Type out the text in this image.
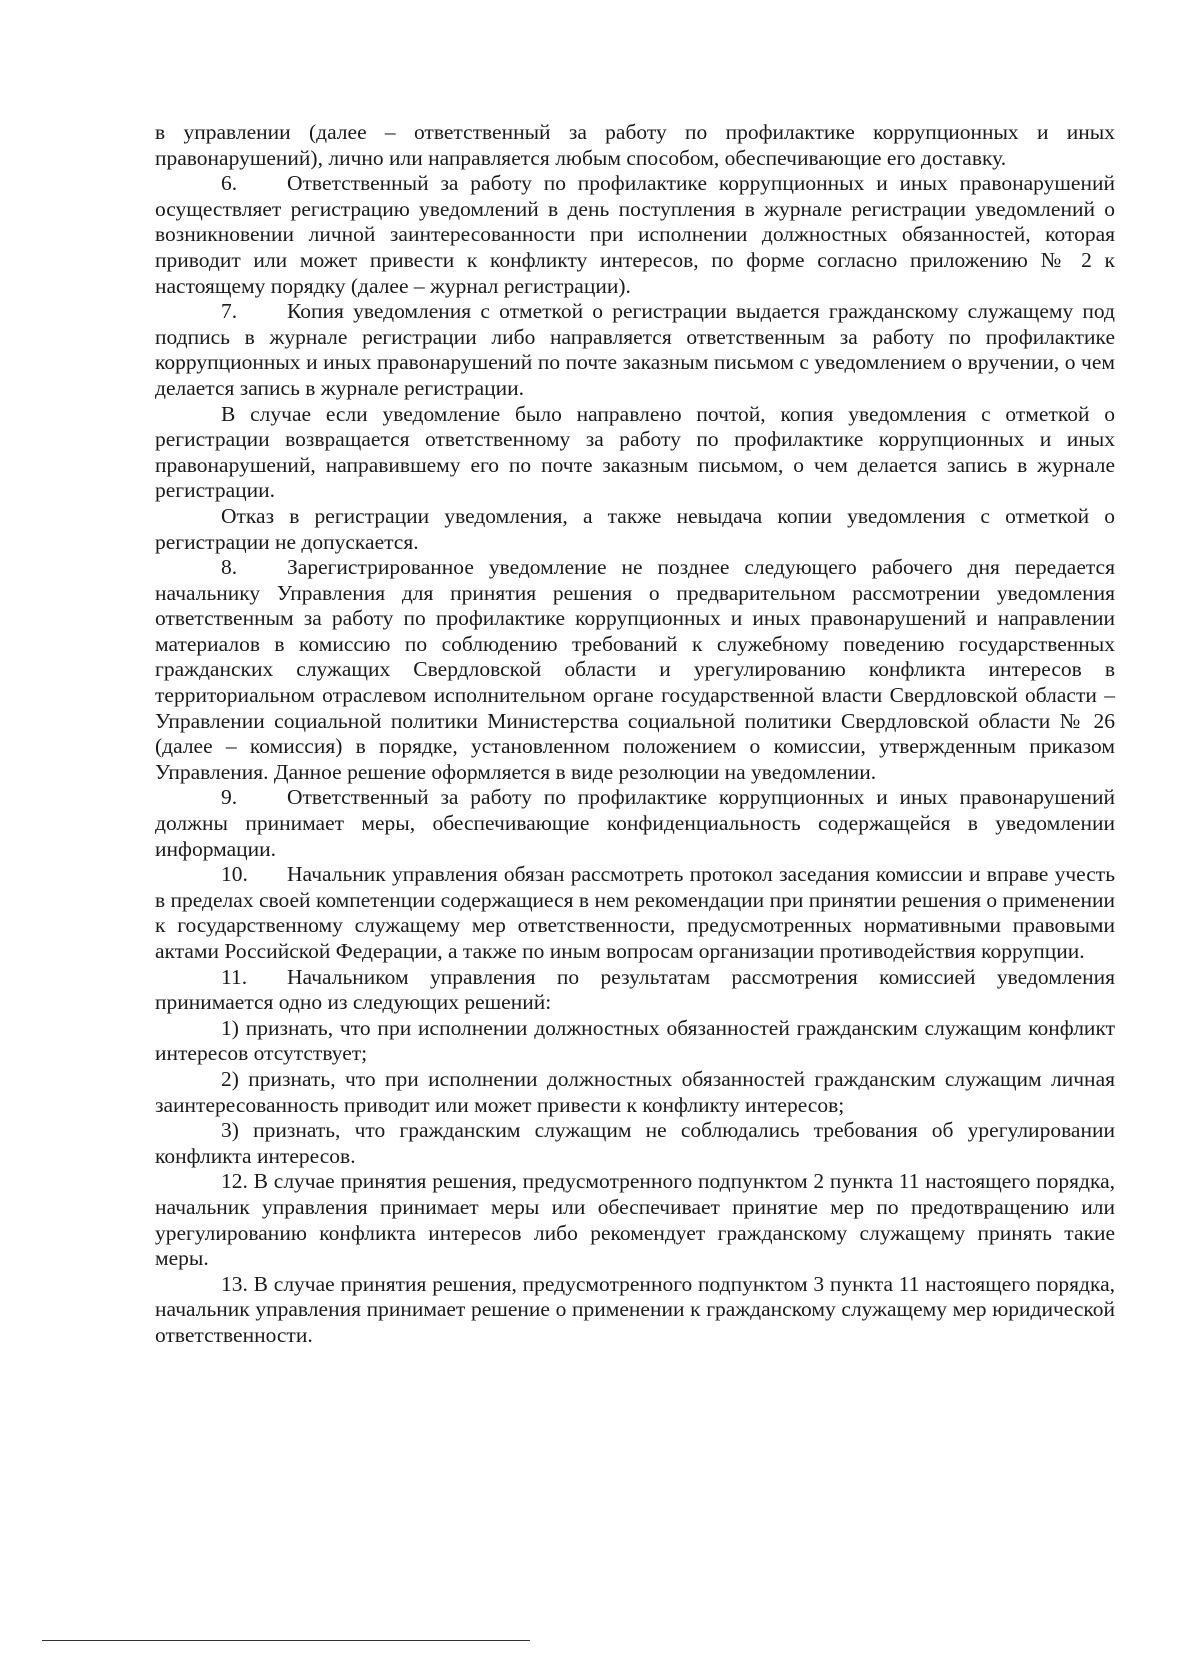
в управлении (далее – ответственный за работу по профилактике коррупционных и иных правонарушений), лично или направляется любым способом, обеспечивающие его доставку.

6. Ответственный за работу по профилактике коррупционных и иных правонарушений осуществляет регистрацию уведомлений в день поступления в журнале регистрации уведомлений о возникновении личной заинтересованности при исполнении должностных обязанностей, которая приводит или может привести к конфликту интересов, по форме согласно приложению № 2 к настоящему порядку (далее – журнал регистрации).

7. Копия уведомления с отметкой о регистрации выдается гражданскому служащему под подпись в журнале регистрации либо направляется ответственным за работу по профилактике коррупционных и иных правонарушений по почте заказным письмом с уведомлением о вручении, о чем делается запись в журнале регистрации.

В случае если уведомление было направлено почтой, копия уведомления с отметкой о регистрации возвращается ответственному за работу по профилактике коррупционных и иных правонарушений, направившему его по почте заказным письмом, о чем делается запись в журнале регистрации.

Отказ в регистрации уведомления, а также невыдача копии уведомления с отметкой о регистрации не допускается.

8. Зарегистрированное уведомление не позднее следующего рабочего дня передается начальнику Управления для принятия решения о предварительном рассмотрении уведомления ответственным за работу по профилактике коррупционных и иных правонарушений и направлении материалов в комиссию по соблюдению требований к служебному поведению государственных гражданских служащих Свердловской области и урегулированию конфликта интересов в территориальном отраслевом исполнительном органе государственной власти Свердловской области – Управлении социальной политики Министерства социальной политики Свердловской области № 26 (далее – комиссия) в порядке, установленном положением о комиссии, утвержденным приказом Управления. Данное решение оформляется в виде резолюции на уведомлении.

9. Ответственный за работу по профилактике коррупционных и иных правонарушений должны принимает меры, обеспечивающие конфиденциальность содержащейся в уведомлении информации.

10. Начальник управления обязан рассмотреть протокол заседания комиссии и вправе учесть в пределах своей компетенции содержащиеся в нем рекомендации при принятии решения о применении к государственному служащему мер ответственности, предусмотренных нормативными правовыми актами Российской Федерации, а также по иным вопросам организации противодействия коррупции.

11. Начальником управления по результатам рассмотрения комиссией уведомления принимается одно из следующих решений:

1) признать, что при исполнении должностных обязанностей гражданским служащим конфликт интересов отсутствует;

2) признать, что при исполнении должностных обязанностей гражданским служащим личная заинтересованность приводит или может привести к конфликту интересов;

3) признать, что гражданским служащим не соблюдались требования об урегулировании конфликта интересов.

12. В случае принятия решения, предусмотренного подпунктом 2 пункта 11 настоящего порядка, начальник управления принимает меры или обеспечивает принятие мер по предотвращению или урегулированию конфликта интересов либо рекомендует гражданскому служащему принять такие меры.

13. В случае принятия решения, предусмотренного подпунктом 3 пункта 11 настоящего порядка, начальник управления принимает решение о применении к гражданскому служащему мер юридической ответственности.
